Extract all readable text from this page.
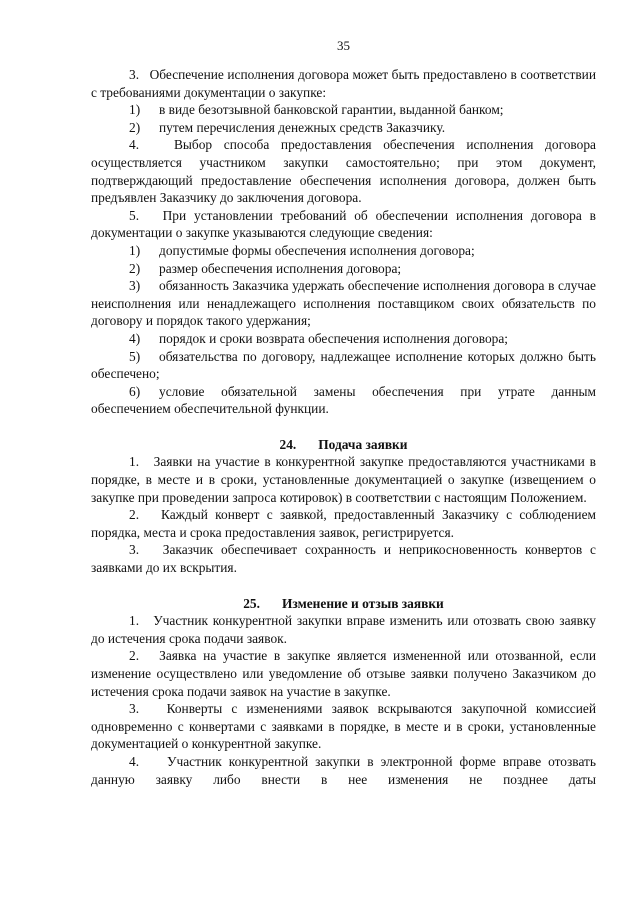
35

3.   Обеспечение исполнения договора может быть предоставлено в соответствии с требованиями документации о закупке:

1) в виде безотзывной банковской гарантии, выданной банком;

2) путем перечисления денежных средств Заказчику.

4.   Выбор способа предоставления обеспечения исполнения договора осуществляется участником закупки самостоятельно; при этом документ, подтверждающий предоставление обеспечения исполнения договора, должен быть предъявлен Заказчику до заключения договора.

5.   При установлении требований об обеспечении исполнения договора в документации о закупке указываются следующие сведения:

1) допустимые формы обеспечения исполнения договора;

2) размер обеспечения исполнения договора;

3) обязанность Заказчика удержать обеспечение исполнения договора в случае неисполнения или ненадлежащего исполнения поставщиком своих обязательств по договору и порядок такого удержания;

4) порядок и сроки возврата обеспечения исполнения договора;

5) обязательства по договору, надлежащее исполнение которых должно быть обеспечено;

6) условие обязательной замены обеспечения при утрате данным обеспечением обеспечительной функции.

24. Подача заявки

1.   Заявки на участие в конкурентной закупке предоставляются участниками в порядке, в месте и в сроки, установленные документацией о закупке (извещением о закупке при проведении запроса котировок) в соответствии с настоящим Положением.

2.   Каждый конверт с заявкой, предоставленный Заказчику с соблюдением порядка, места и срока предоставления заявок, регистрируется.

3.   Заказчик обеспечивает сохранность и неприкосновенность конвертов с заявками до их вскрытия.

25. Изменение и отзыв заявки

1.   Участник конкурентной закупки вправе изменить или отозвать свою заявку до истечения срока подачи заявок.

2.   Заявка на участие в закупке является измененной или отозванной, если изменение осуществлено или уведомление об отзыве заявки получено Заказчиком до истечения срока подачи заявок на участие в закупке.

3.   Конверты с изменениями заявок вскрываются закупочной комиссией одновременно с конвертами с заявками в порядке, в месте и в сроки, установленные документацией о конкурентной закупке.

4.    Участник конкурентной закупки в электронной форме вправе отозвать данную заявку либо внести в нее изменения не позднее даты
